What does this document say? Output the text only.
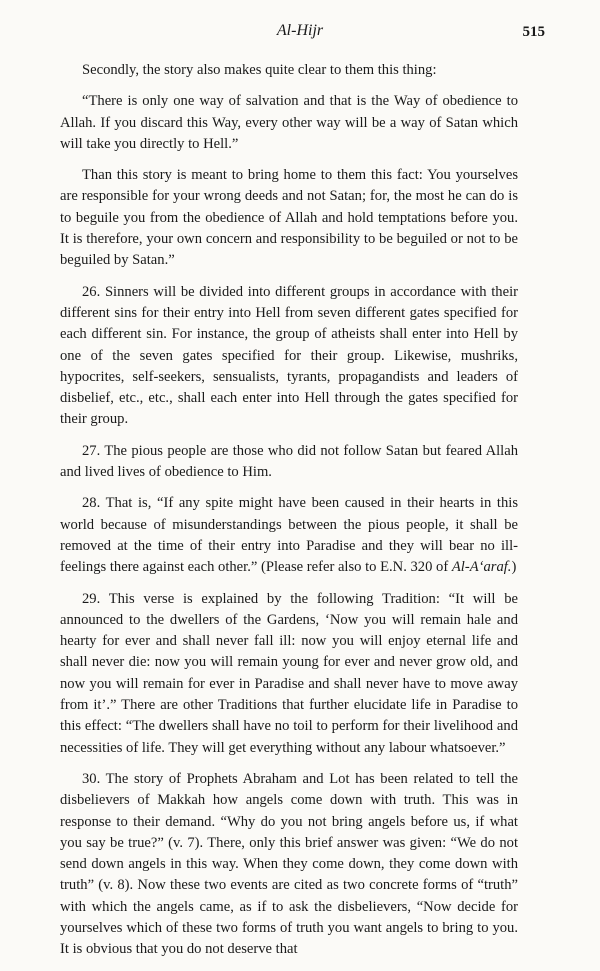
Al-Hijr	515

Secondly, the story also makes quite clear to them this thing:

“There is only one way of salvation and that is the Way of obedience to Allah. If you discard this Way, every other way will be a way of Satan which will take you directly to Hell.”

Than this story is meant to bring home to them this fact: You yourselves are responsible for your wrong deeds and not Satan; for, the most he can do is to beguile you from the obedience of Allah and hold temptations before you. It is therefore, your own concern and responsibility to be beguiled or not to be beguiled by Satan.”

26. Sinners will be divided into different groups in accordance with their different sins for their entry into Hell from seven different gates specified for each different sin. For instance, the group of atheists shall enter into Hell by one of the seven gates specified for their group. Likewise, mushriks, hypocrites, self-seekers, sensualists, tyrants, propagandists and leaders of disbelief, etc., etc., shall each enter into Hell through the gates specified for their group.

27. The pious people are those who did not follow Satan but feared Allah and lived lives of obedience to Him.

28. That is, “If any spite might have been caused in their hearts in this world because of misunderstandings between the pious people, it shall be removed at the time of their entry into Paradise and they will bear no ill-feelings there against each other.” (Please refer also to E.N. 320 of Al-A‘araf.)

29. This verse is explained by the following Tradition: “It will be announced to the dwellers of the Gardens, ‘Now you will remain hale and hearty for ever and shall never fall ill: now you will enjoy eternal life and shall never die: now you will remain young for ever and never grow old, and now you will remain for ever in Paradise and shall never have to move away from it’.” There are other Traditions that further elucidate life in Paradise to this effect: “The dwellers shall have no toil to perform for their livelihood and necessities of life. They will get everything without any labour whatsoever.”

30. The story of Prophets Abraham and Lot has been related to tell the disbelievers of Makkah how angels come down with truth. This was in response to their demand. “Why do you not bring angels before us, if what you say be true?” (v. 7). There, only this brief answer was given: “We do not send down angels in this way. When they come down, they come down with truth” (v. 8). Now these two events are cited as two concrete forms of “truth” with which the angels came, as if to ask the disbelievers, “Now decide for yourselves which of these two forms of truth you want angels to bring to you. It is obvious that you do not deserve that
